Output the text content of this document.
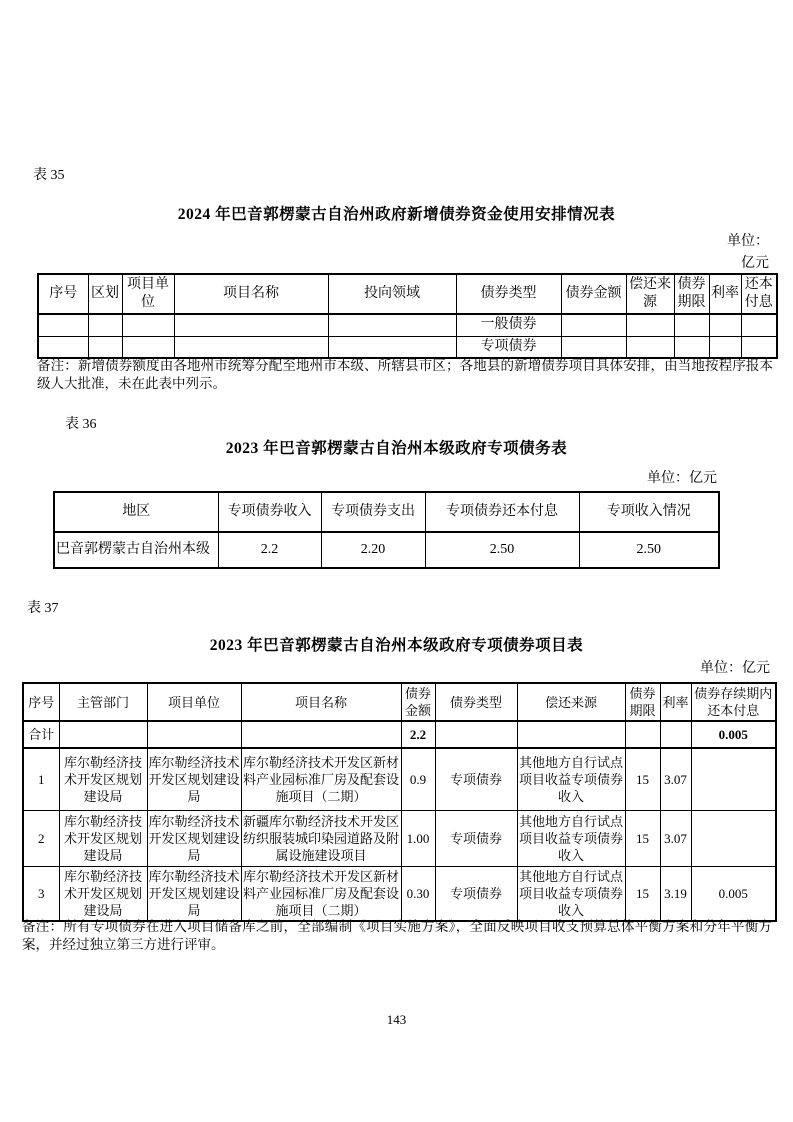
表 35
2024 年巴音郭楞蒙古自治州政府新增债券资金使用安排情况表
单位：
亿元
序号	区划	项目单位	项目名称	投向领域	债券类型	债券金额	偿还来源	债券期限	利率	还本付息
					一般债券					
					专项债券					
备注：新增债券额度由各地州市统筹分配至地州市本级、所辖县市区；各地县的新增债券项目具体安排，由当地按程序报本级人大批准，未在此表中列示。
表 36
2023 年巴音郭楞蒙古自治州本级政府专项债务表
单位：亿元
地区	专项债券收入	专项债券支出	专项债券还本付息	专项收入情况
巴音郭楞蒙古自治州本级	2.2	2.20	2.50	2.50
表 37
2023 年巴音郭楞蒙古自治州本级政府专项债券项目表
单位：亿元
序号	主管部门	项目单位	项目名称	债券金额	债券类型	偿还来源	债券期限	利率	债券存续期内还本付息
合计				2.2					0.005
1	库尔勒经济技术开发区规划建设局	库尔勒经济技术开发区规划建设局	库尔勒经济技术开发区新材料产业园标准厂房及配套设施项目（二期）	0.9	专项债券	其他地方自行试点项目收益专项债券收入	15	3.07	
2	库尔勒经济技术开发区规划建设局	库尔勒经济技术开发区规划建设局	新疆库尔勒经济技术开发区纺织服装城印染园道路及附属设施建设项目	1.00	专项债券	其他地方自行试点项目收益专项债券收入	15	3.07	
3	库尔勒经济技术开发区规划建设局	库尔勒经济技术开发区规划建设局	库尔勒经济技术开发区新材料产业园标准厂房及配套设施项目（二期）	0.30	专项债券	其他地方自行试点项目收益专项债券收入	15	3.19	0.005
备注：所有专项债券在进入项目储备库之前，全部编制《项目实施方案》，全面反映项目收支预算总体平衡方案和分年平衡方案，并经过独立第三方进行评审。
143
